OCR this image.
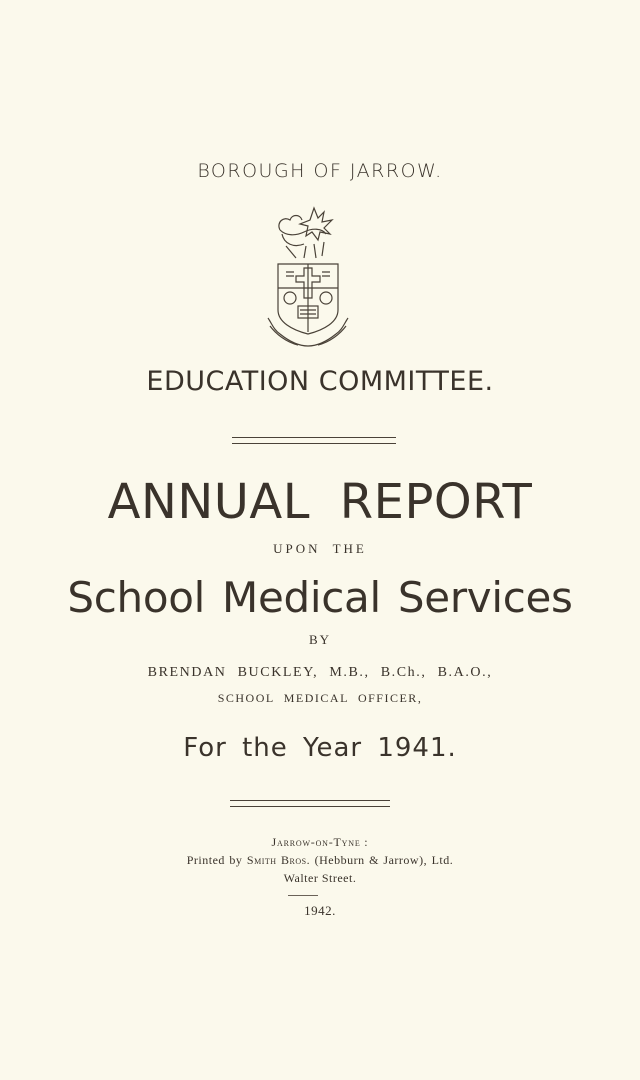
BOROUGH OF JARROW.
EDUCATION COMMITTEE.
ANNUAL REPORT
UPON THE
School Medical Services
BY
BRENDAN BUCKLEY, M.B., B.Ch., B.A.O.,
SCHOOL MEDICAL OFFICER,
For the Year 1941.
Jarrow-on-Tyne :
Printed by Smith Bros. (Hebburn & Jarrow), Ltd.
Walter Street.
1942.
